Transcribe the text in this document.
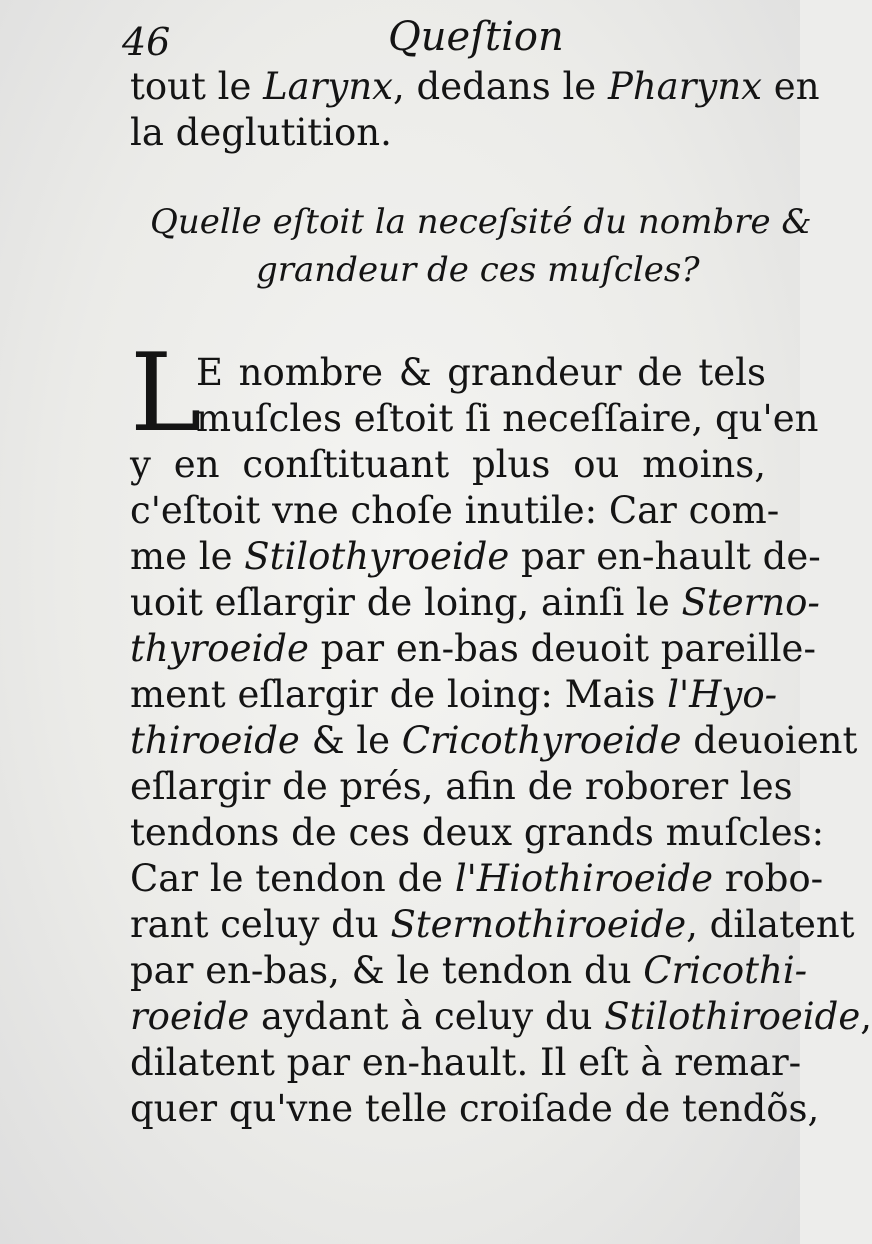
46	Queſtion
tout le Larynx, dedans le Pharynx en
la deglutition.
Quelle eſtoit la neceſsité du nombre &
grandeur de ces muſcles?
L
E nombre & grandeur de tels
muſcles eſtoit ſi neceſſaire, qu'en
y en conſtituant plus ou moins,
c'eſtoit vne choſe inutile: Car com-
me le Stilothyroeide par en-hault de-
uoit eſlargir de loing, ainſi le Sterno-
thyroeide par en-bas deuoit pareille-
ment eſlargir de loing: Mais l'Hyo-
thiroeide & le Cricothyroeide deuoient
eſlargir de prés, afin de roborer les
tendons de ces deux grands muſcles:
Car le tendon de l'Hiothiroeide robo-
rant celuy du Sternothiroeide, dilatent
par en-bas, & le tendon du Cricothi-
roeide aydant à celuy du Stilothiroeide,
dilatent par en-hault. Il eſt à remar-
quer qu'vne telle croiſade de tendõs,
